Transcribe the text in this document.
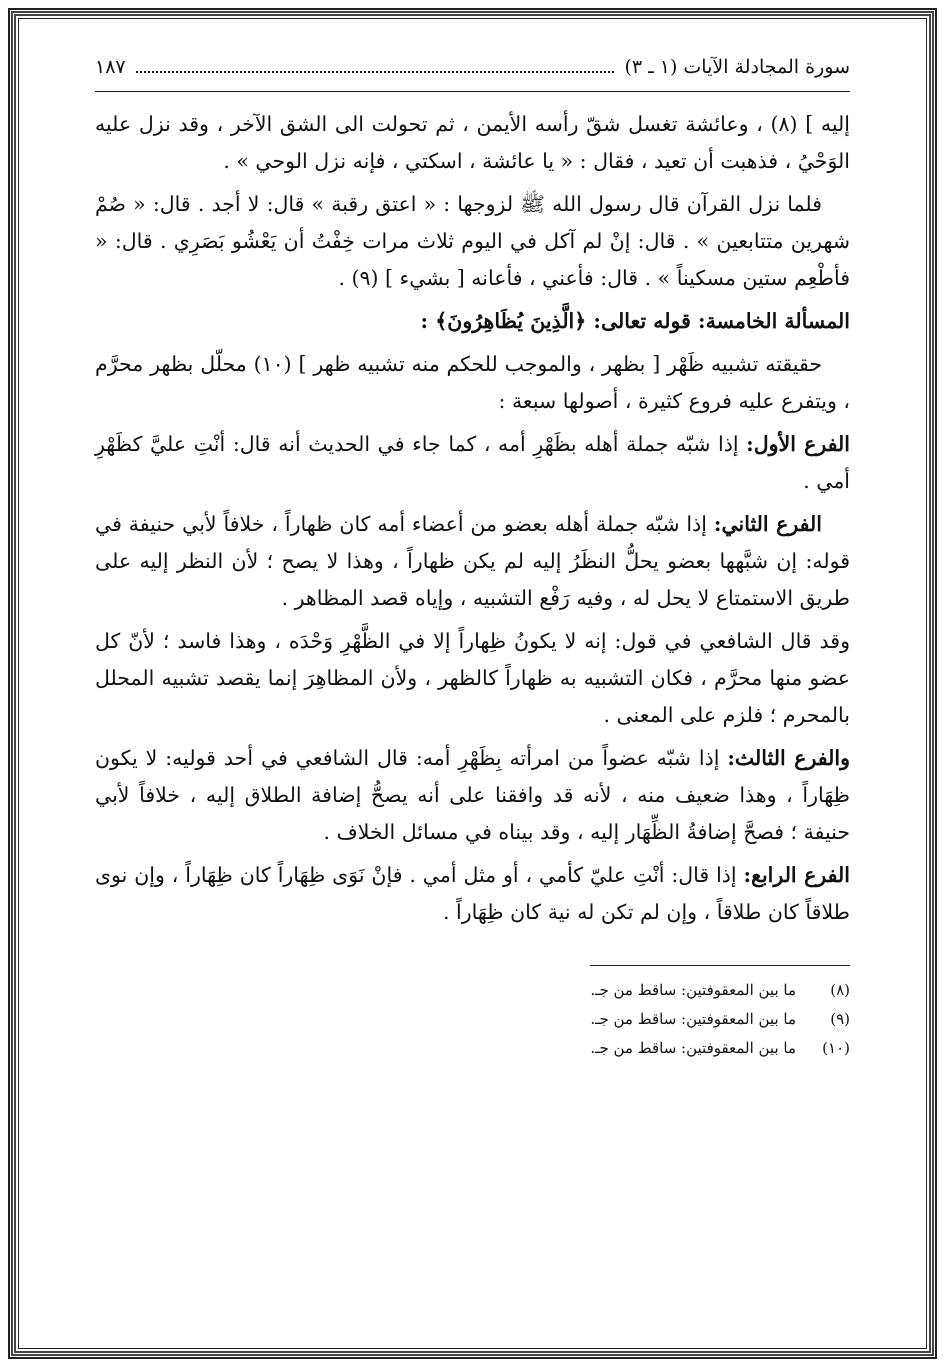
سورة المجادلة الآيات (١ ـ ٣)
١٨٧

إليه ] (٨) ، وعائشة تغسل شقّ رأسه الأيمن ، ثم تحولت الى الشق الآخر ، وقد نزل عليه الوَحْيُ ، فذهبت أن تعيد ، فقال : « يا عائشة ، اسكتي ، فإنه نزل الوحي » .

فلما نزل القرآن قال رسول الله ﷺ لزوجها : « اعتق رقبة » قال: لا أجد . قال: « صُمْ شهرين متتابعين » . قال: إنْ لم آكل في اليوم ثلاث مرات خِفْتُ أن يَعْشُو بَصَرِي . قال: « فأطْعِم ستين مسكيناً » . قال: فأعني ، فأعانه [ بشيء ] (٩) .

المسألة الخامسة: قوله تعالى: ﴿الَّذِينَ يُظَاهِرُونَ﴾ :

حقيقته تشبيه ظَهْر [ بظهر ، والموجب للحكم منه تشبيه ظهر ] (١٠) محلّل بظهر محرَّم ، ويتفرع عليه فروع كثيرة ، أصولها سبعة :

الفرع الأول: إذا شبّه جملة أهله بظَهْرِ أمه ، كما جاء في الحديث أنه قال: أنْتِ عليَّ كظَهْرِ أمي .

الفرع الثاني: إذا شبّه جملة أهله بعضو من أعضاء أمه كان ظهاراً ، خلافاً لأبي حنيفة في قوله: إن شبَّهها بعضو يحلُّ النظَرُ إليه لم يكن ظهاراً ، وهذا لا يصح ؛ لأن النظر إليه على طريق الاستمتاع لا يحل له ، وفيه رَفْع التشبيه ، وإياه قصد المظاهر .

وقد قال الشافعي في قول: إنه لا يكونُ ظِهاراً إلا في الظَّهْرِ وَحْدَه ، وهذا فاسد ؛ لأنّ كل عضو منها محرَّم ، فكان التشبيه به ظهاراً كالظهر ، ولأن المظاهِرَ إنما يقصد تشبيه المحلل بالمحرم ؛ فلزم على المعنى .

والفرع الثالث: إذا شبّه عضواً من امرأته بِظَهْرِ أمه: قال الشافعي في أحد قوليه: لا يكون ظِهَاراً ، وهذا ضعيف منه ، لأنه قد وافقنا على أنه يصحُّ إضافة الطلاق إليه ، خلافاً لأبي حنيفة ؛ فصحَّ إضافةُ الظِّهَار إليه ، وقد بيناه في مسائل الخلاف .

الفرع الرابع: إذا قال: أنْتِ عليّ كأمي ، أو مثل أمي . فإنْ نَوَى ظِهَاراً كان ظِهَاراً ، وإن نوى طلاقاً كان طلاقاً ، وإن لم تكن له نية كان ظِهَاراً .

(٨)
ما بين المعقوفتين: ساقط من جـ.
(٩)
ما بين المعقوفتين: ساقط من جـ.
(١٠)
ما بين المعقوفتين: ساقط من جـ.
